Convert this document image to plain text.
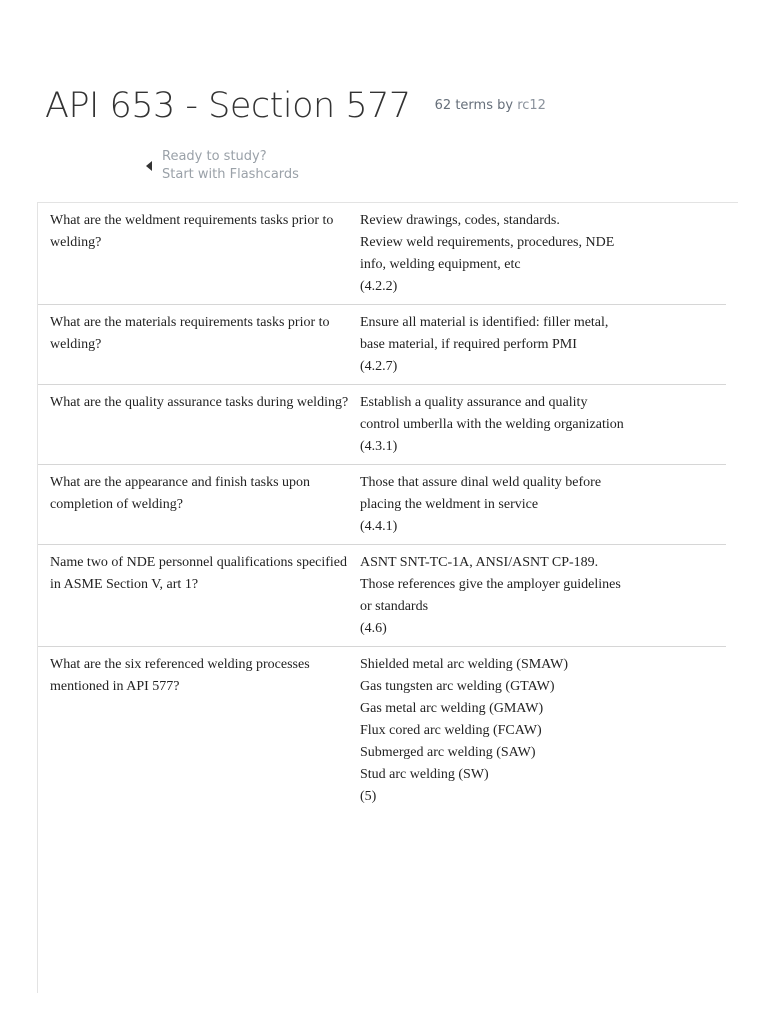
API 653 - Section 577 62 terms by rc12
Ready to study?
Start with Flashcards
What are the weldment requirements tasks prior to welding?
Review drawings, codes, standards.
Review weld requirements, procedures, NDE info, welding equipment, etc
(4.2.2)
What are the materials requirements tasks prior to welding?
Ensure all material is identified: filler metal, base material, if required perform PMI
(4.2.7)
What are the quality assurance tasks during welding? Establish a quality assurance and quality control umberlla with the welding organization
(4.3.1)
What are the appearance and finish tasks upon completion of welding?
Those that assure dinal weld quality before placing the weldment in service
(4.4.1)
Name two of NDE personnel qualifications specified in ASME Section V, art 1?
ASNT SNT-TC-1A, ANSI/ASNT CP-189.
Those references give the amployer guidelines or standards
(4.6)
What are the six referenced welding processes mentioned in API 577?
Shielded metal arc welding (SMAW)
Gas tungsten arc welding (GTAW)
Gas metal arc welding (GMAW)
Flux cored arc welding (FCAW)
Submerged arc welding (SAW)
Stud arc welding (SW)
(5)
